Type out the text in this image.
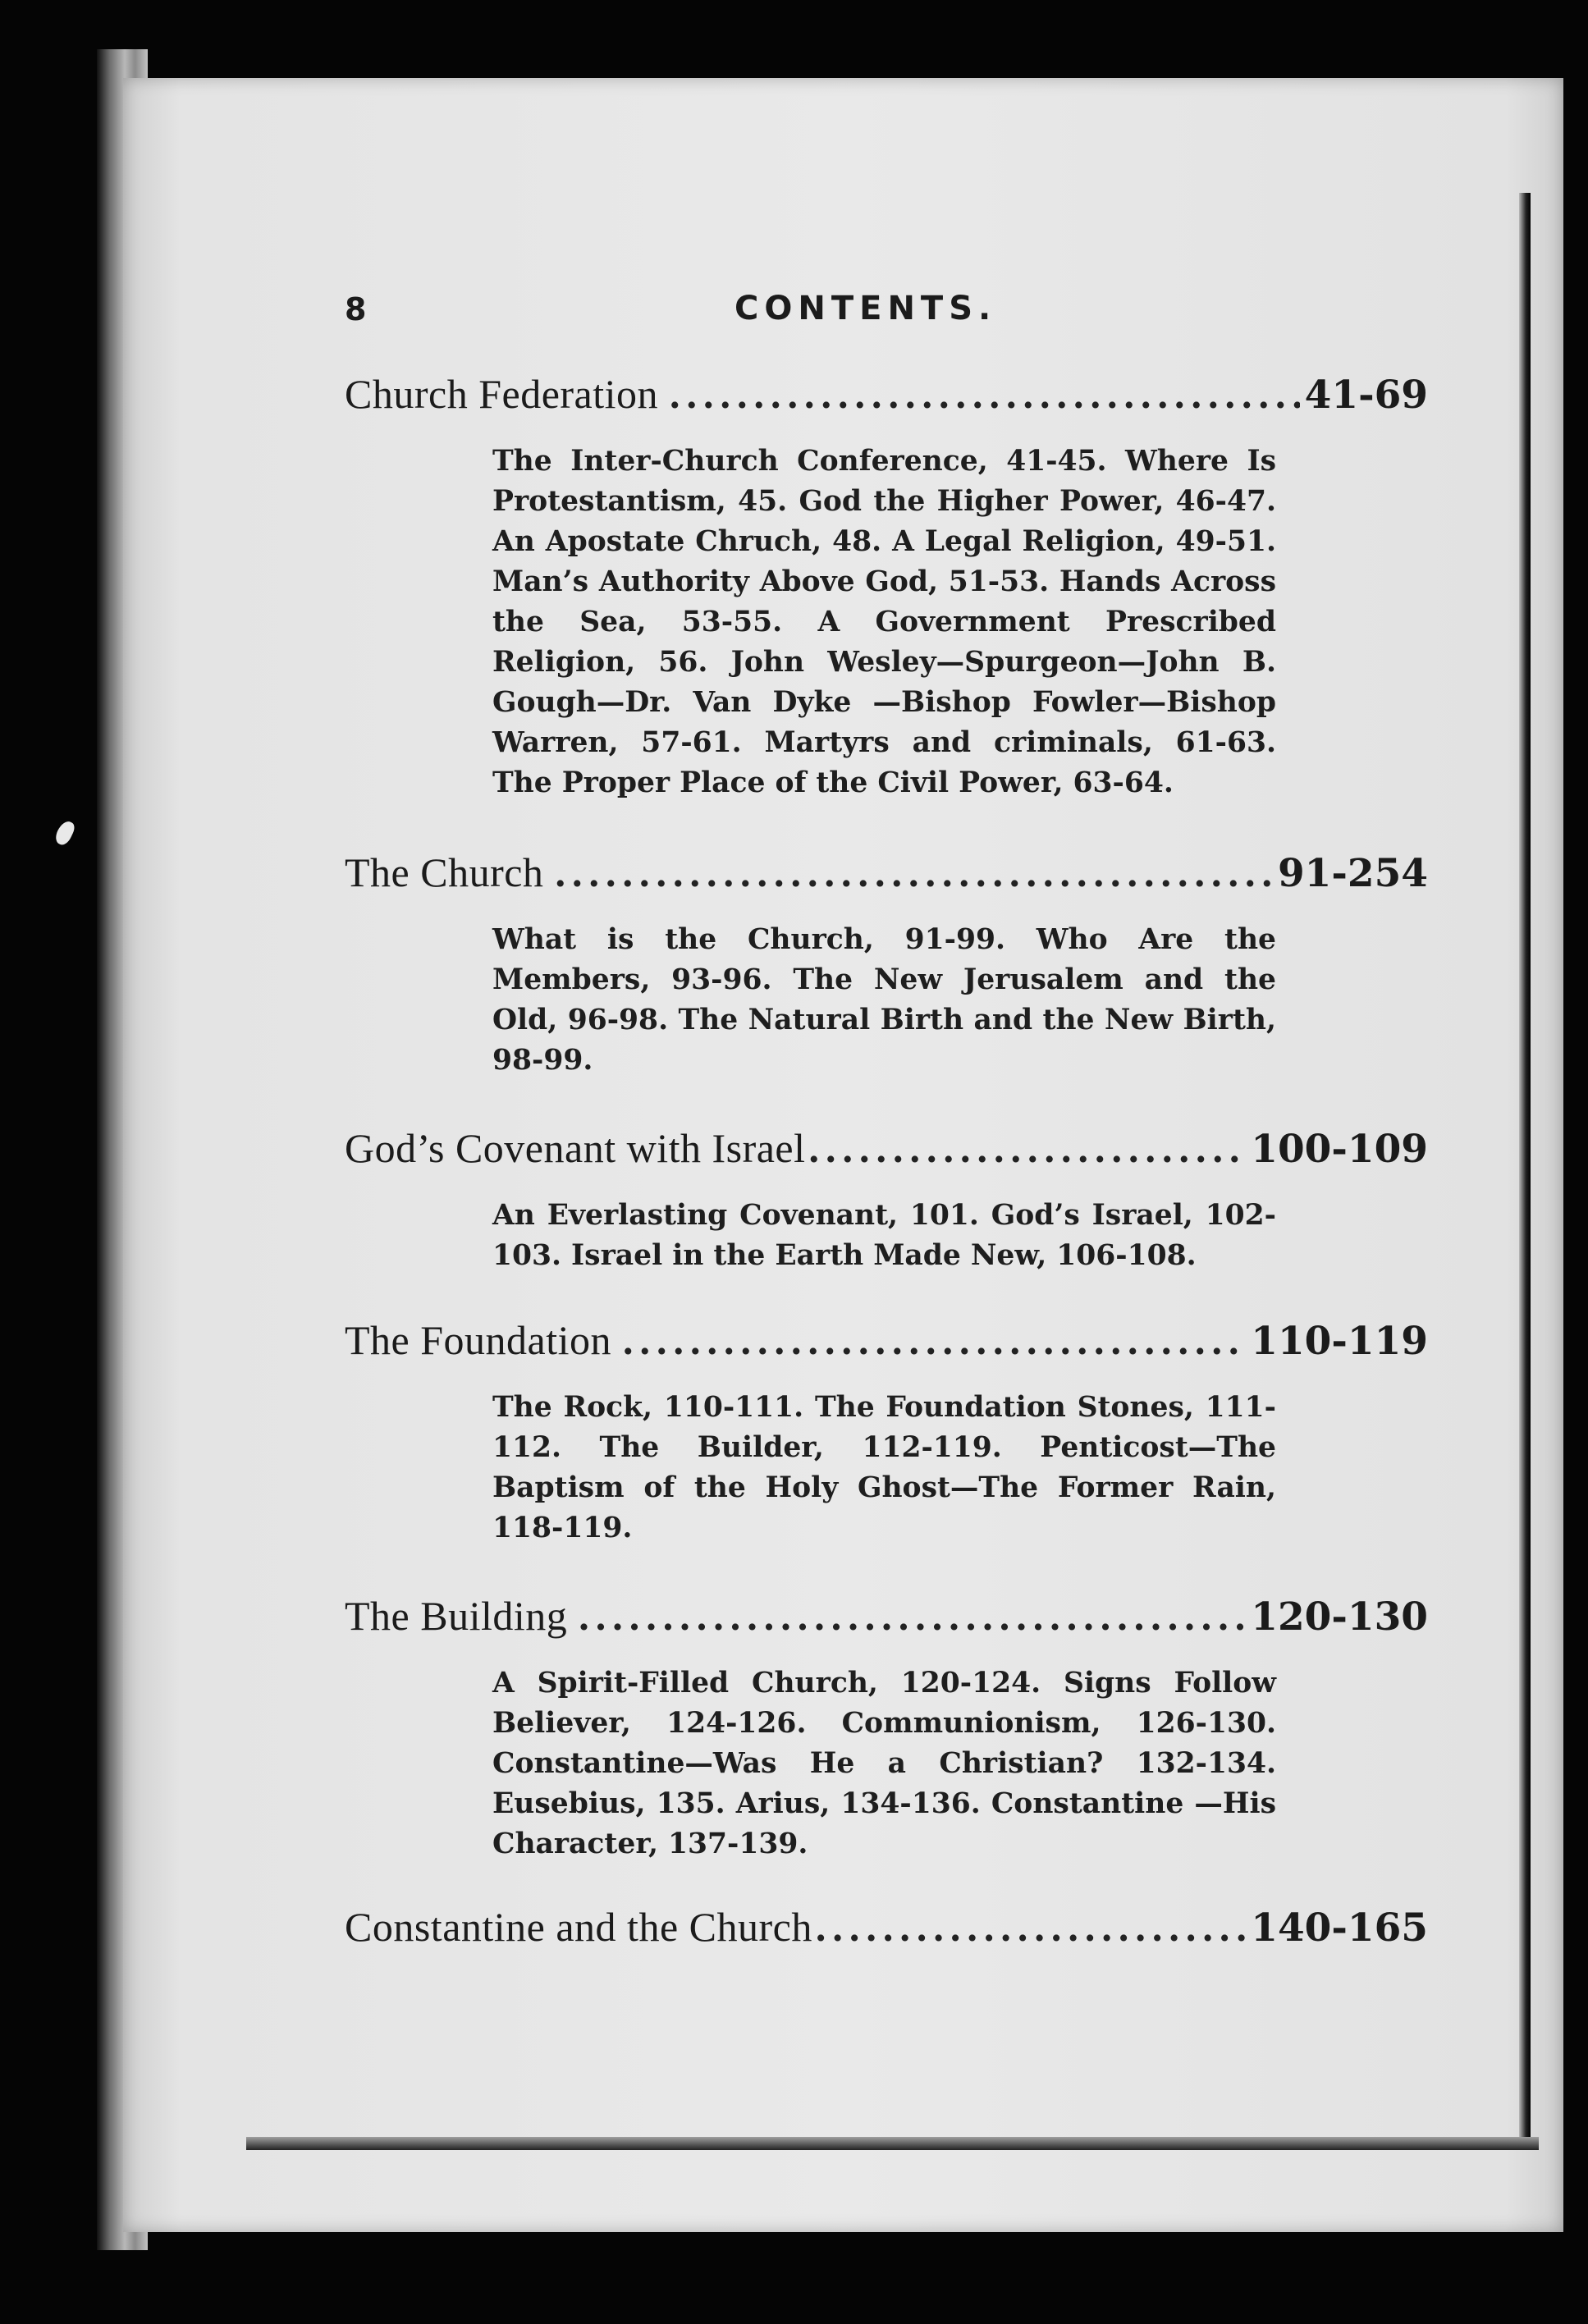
8	CONTENTS.
Church Federation .....	41-69
The Inter-Church Conference, 41-45. Where Is Protestantism, 45. God the Higher Power, 46-47. An Apostate Chruch, 48. A Legal Religion, 49-51. Man’s Authority Above God, 51-53. Hands Across the Sea, 53-55. A Government Prescribed Religion, 56. John Wesley—Spurgeon—John B. Gough—Dr. Van Dyke —Bishop Fowler—Bishop Warren, 57-61. Martyrs and criminals, 61-63. The Proper Place of the Civil Power, 63-64.
The Church .....	91-254
What is the Church, 91-99. Who Are the Members, 93-96. The New Jerusalem and the Old, 96-98. The Natural Birth and the New Birth, 98-99.
God’s Covenant with Israel .....	100-109
An Everlasting Covenant, 101. God’s Israel, 102-103. Israel in the Earth Made New, 106-108.
The Foundation .....	110-119
The Rock, 110-111. The Foundation Stones, 111-112. The Builder, 112-119. Penticost—The Baptism of the Holy Ghost—The Former Rain, 118-119.
The Building .....	120-130
A Spirit-Filled Church, 120-124. Signs Follow Believer, 124-126. Communionism, 126-130. Constantine—Was He a Christian? 132-134. Eusebius, 135. Arius, 134-136. Constantine —His Character, 137-139.
Constantine and the Church .....	140-165
